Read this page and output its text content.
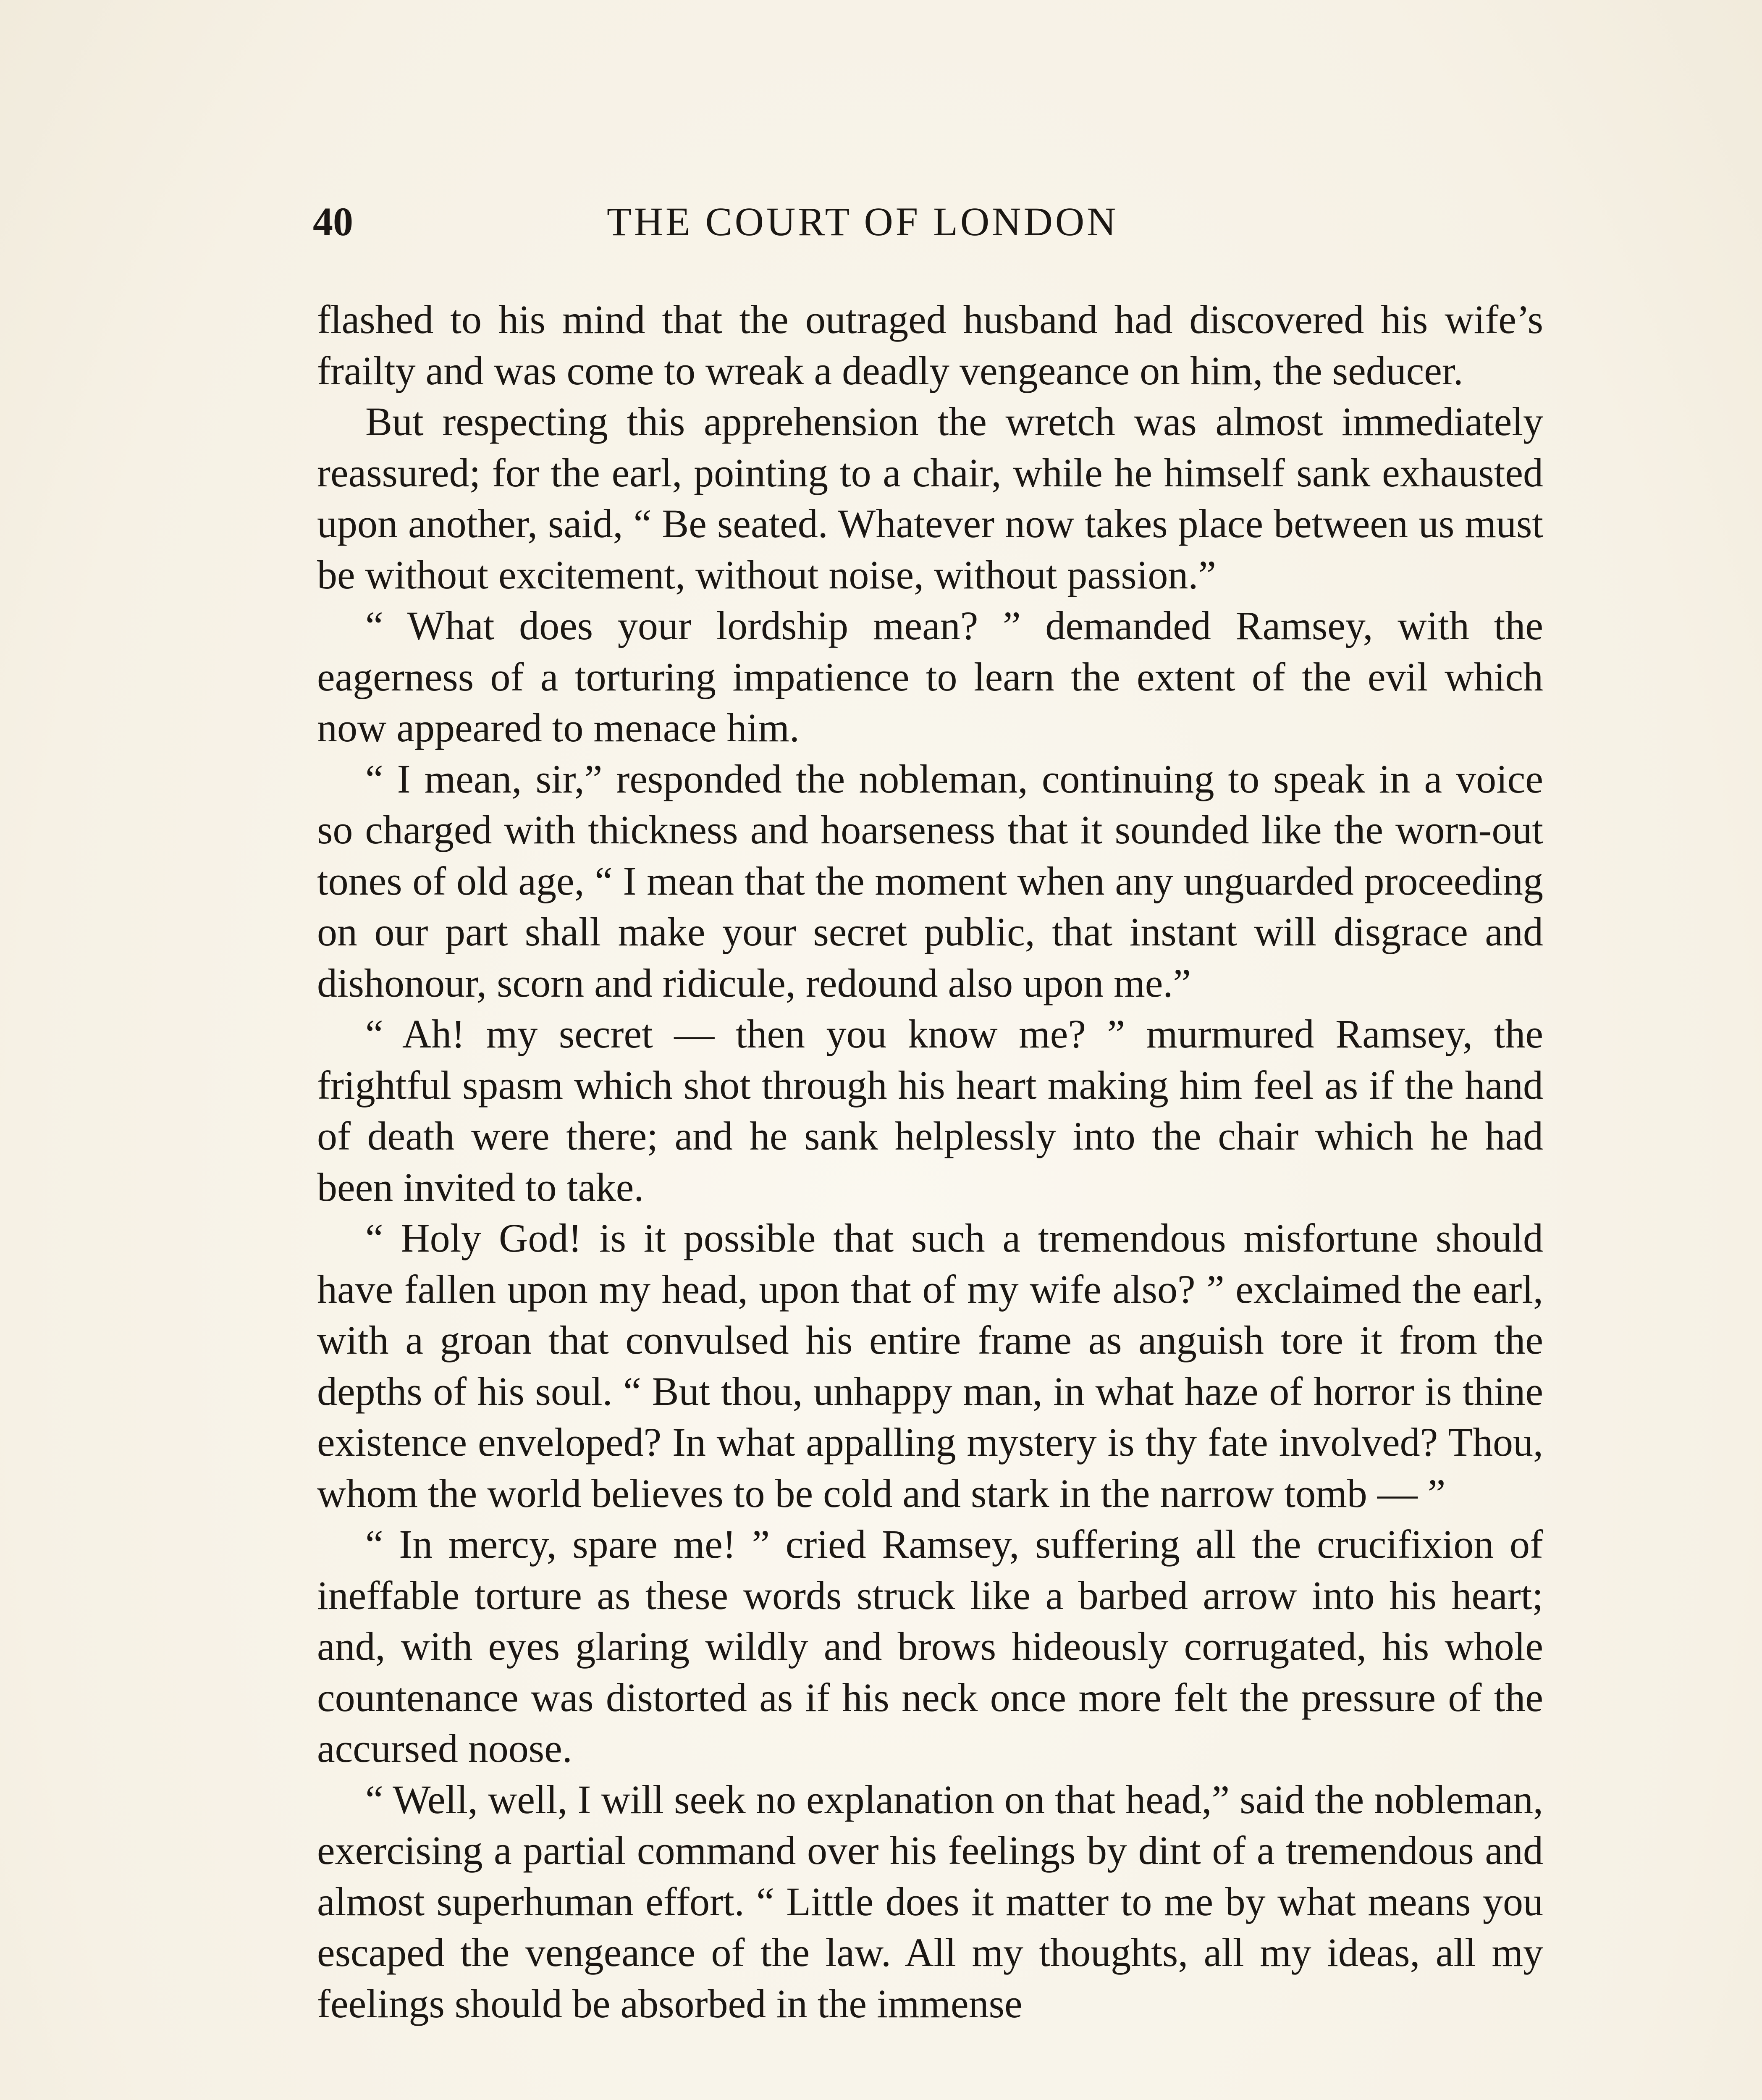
40	THE COURT OF LONDON

flashed to his mind that the outraged husband had discovered his wife’s frailty and was come to wreak a deadly vengeance on him, the seducer.

But respecting this apprehension the wretch was almost immediately reassured; for the earl, pointing to a chair, while he himself sank exhausted upon another, said, “ Be seated. Whatever now takes place between us must be without excitement, without noise, without passion.”

“ What does your lordship mean? ” demanded Ramsey, with the eagerness of a torturing impatience to learn the extent of the evil which now appeared to menace him.

“ I mean, sir,” responded the nobleman, continuing to speak in a voice so charged with thickness and hoarseness that it sounded like the worn-out tones of old age, “ I mean that the moment when any unguarded proceeding on our part shall make your secret public, that instant will disgrace and dishonour, scorn and ridicule, redound also upon me.”

“ Ah! my secret — then you know me? ” murmured Ramsey, the frightful spasm which shot through his heart making him feel as if the hand of death were there; and he sank helplessly into the chair which he had been invited to take.

“ Holy God! is it possible that such a tremendous misfortune should have fallen upon my head, upon that of my wife also? ” exclaimed the earl, with a groan that convulsed his entire frame as anguish tore it from the depths of his soul. “ But thou, unhappy man, in what haze of horror is thine existence enveloped? In what appalling mystery is thy fate involved? Thou, whom the world believes to be cold and stark in the narrow tomb — ”

“ In mercy, spare me! ” cried Ramsey, suffering all the crucifixion of ineffable torture as these words struck like a barbed arrow into his heart; and, with eyes glaring wildly and brows hideously corrugated, his whole countenance was distorted as if his neck once more felt the pressure of the accursed noose.

“ Well, well, I will seek no explanation on that head,” said the nobleman, exercising a partial command over his feelings by dint of a tremendous and almost superhuman effort. “ Little does it matter to me by what means you escaped the vengeance of the law. All my thoughts, all my ideas, all my feelings should be absorbed in the immense
